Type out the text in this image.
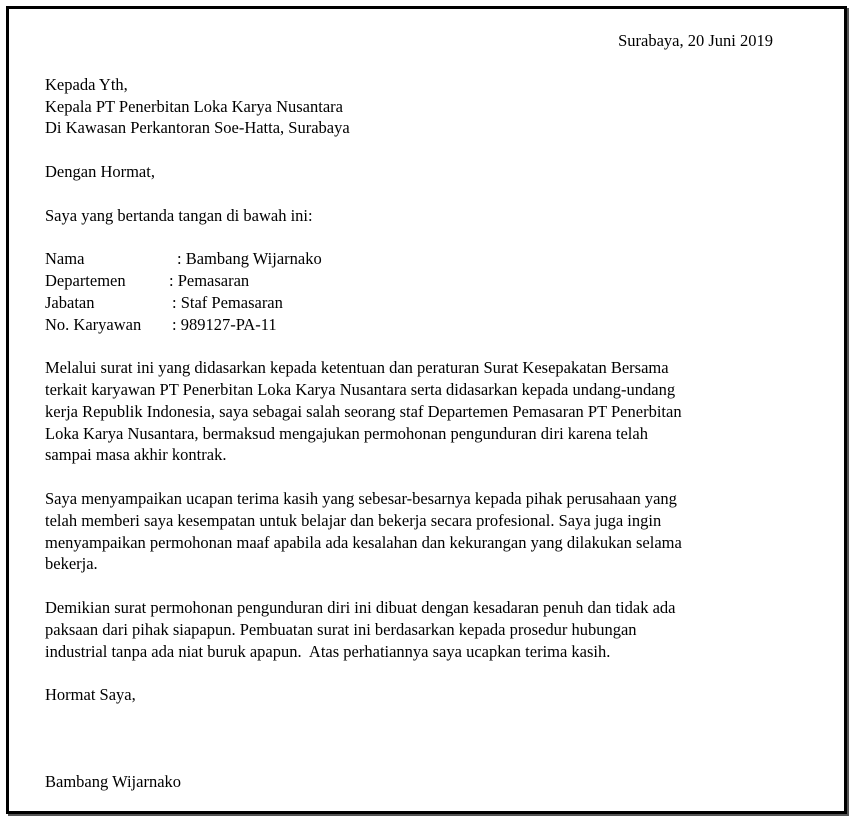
Surabaya, 20 Juni 2019
Kepada Yth,
Kepala PT Penerbitan Loka Karya Nusantara
Di Kawasan Perkantoran Soe-Hatta, Surabaya
Dengan Hormat,
Saya yang bertanda tangan di bawah ini:
Nama	: Bambang Wijarnako
Departemen	: Pemasaran
Jabatan	: Staf Pemasaran
No. Karyawan	: 989127-PA-11
Melalui surat ini yang didasarkan kepada ketentuan dan peraturan Surat Kesepakatan Bersama
terkait karyawan PT Penerbitan Loka Karya Nusantara serta didasarkan kepada undang-undang
kerja Republik Indonesia, saya sebagai salah seorang staf Departemen Pemasaran PT Penerbitan
Loka Karya Nusantara, bermaksud mengajukan permohonan pengunduran diri karena telah
sampai masa akhir kontrak.
Saya menyampaikan ucapan terima kasih yang sebesar-besarnya kepada pihak perusahaan yang
telah memberi saya kesempatan untuk belajar dan bekerja secara profesional. Saya juga ingin
menyampaikan permohonan maaf apabila ada kesalahan dan kekurangan yang dilakukan selama
bekerja.
Demikian surat permohonan pengunduran diri ini dibuat dengan kesadaran penuh dan tidak ada
paksaan dari pihak siapapun. Pembuatan surat ini berdasarkan kepada prosedur hubungan
industrial tanpa ada niat buruk apapun.  Atas perhatiannya saya ucapkan terima kasih.
Hormat Saya,
Bambang Wijarnako
